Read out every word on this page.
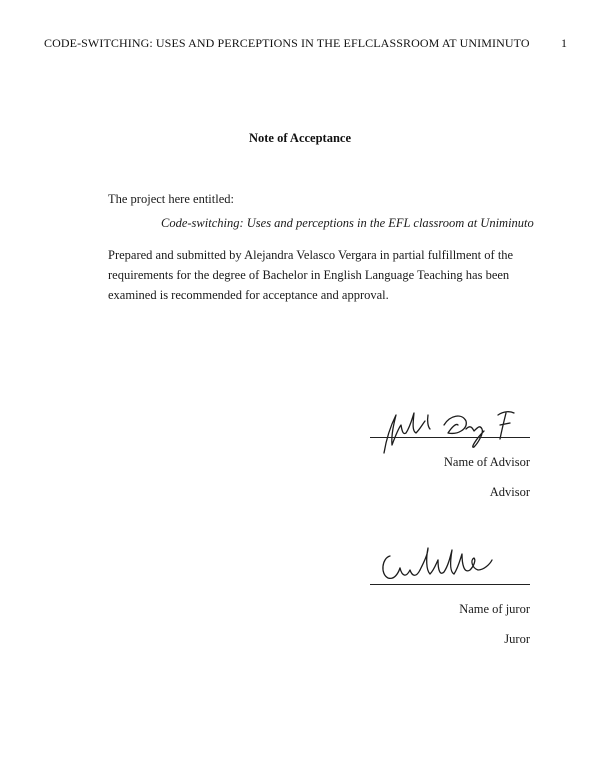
CODE-SWITCHING: USES AND PERCEPTIONS IN THE EFLCLASSROOM AT UNIMINUTO	1
Note of Acceptance
The project here entitled:
Code-switching: Uses and perceptions in the EFL classroom at Uniminuto
Prepared and submitted by Alejandra Velasco Vergara in partial fulfillment of the requirements for the degree of Bachelor in English Language Teaching has been examined is recommended for acceptance and approval.
Name of Advisor
Advisor
Name of juror
Juror
